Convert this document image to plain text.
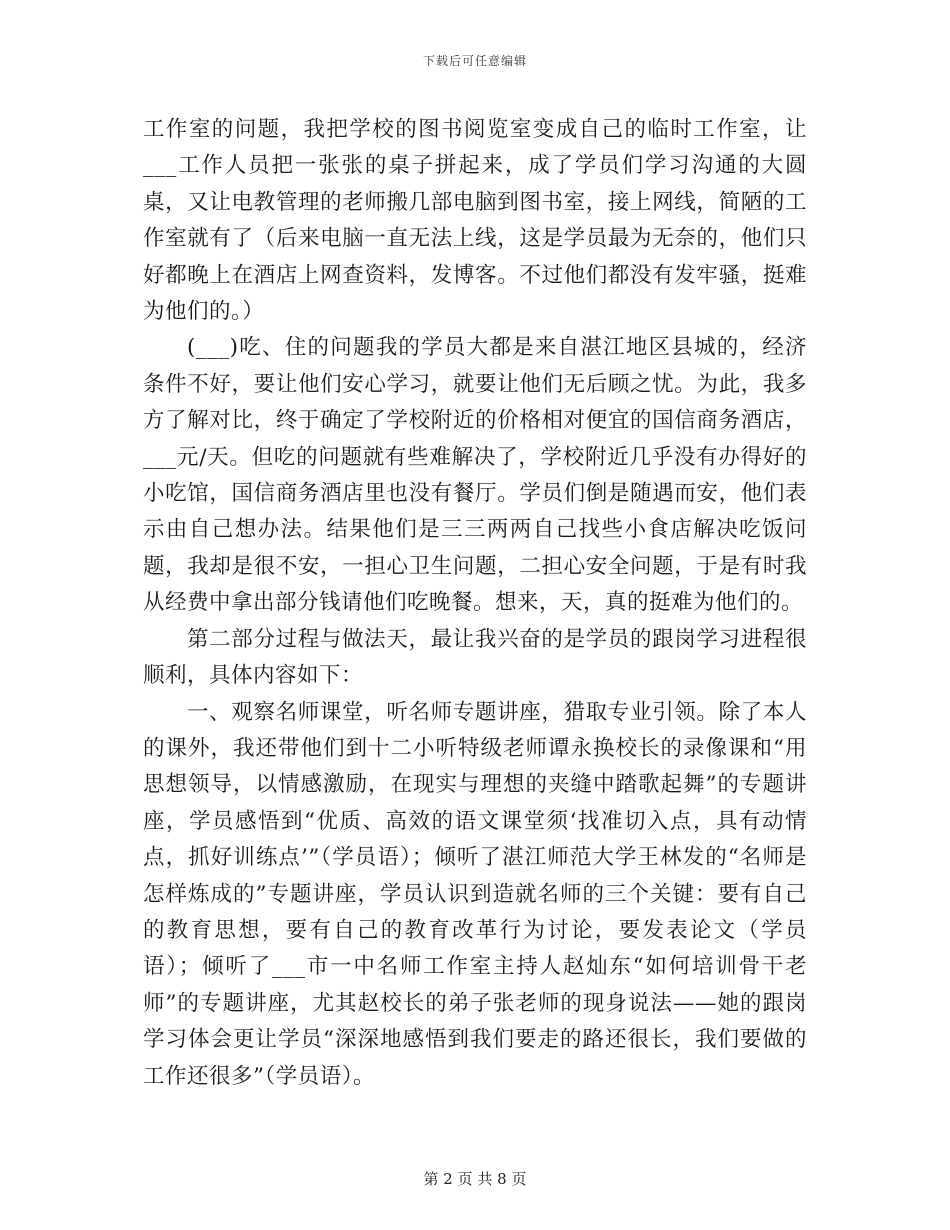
下载后可任意编辑

工作室的问题，我把学校的图书阅览室变成自己的临时工作室，让___工作人员把一张张的桌子拼起来，成了学员们学习沟通的大圆桌，又让电教管理的老师搬几部电脑到图书室，接上网线，简陋的工作室就有了（后来电脑一直无法上线，这是学员最为无奈的，他们只好都晚上在酒店上网查资料，发博客。不过他们都没有发牢骚，挺难为他们的。）

(___)吃、住的问题我的学员大都是来自湛江地区县城的，经济条件不好，要让他们安心学习，就要让他们无后顾之忧。为此，我多方了解对比，终于确定了学校附近的价格相对便宜的国信商务酒店，___元/天。但吃的问题就有些难解决了，学校附近几乎没有办得好的小吃馆，国信商务酒店里也没有餐厅。学员们倒是随遇而安，他们表示由自己想办法。结果他们是三三两两自己找些小食店解决吃饭问题，我却是很不安，一担心卫生问题，二担心安全问题，于是有时我从经费中拿出部分钱请他们吃晚餐。想来，天，真的挺难为他们的。

第二部分过程与做法天，最让我兴奋的是学员的跟岗学习进程很顺利，具体内容如下：

一、观察名师课堂，听名师专题讲座，猎取专业引领。除了本人的课外，我还带他们到十二小听特级老师谭永换校长的录像课和“用思想领导，以情感激励，在现实与理想的夹缝中踏歌起舞”的专题讲座，学员感悟到“优质、高效的语文课堂须‘找准切入点，具有动情点，抓好训练点’”（学员语）；倾听了湛江师范大学王林发的“名师是怎样炼成的”专题讲座，学员认识到造就名师的三个关键：要有自己的教育思想，要有自己的教育改革行为讨论，要发表论文（学员语）；倾听了___市一中名师工作室主持人赵灿东“如何培训骨干老师”的专题讲座，尤其赵校长的弟子张老师的现身说法——她的跟岗学习体会更让学员“深深地感悟到我们要走的路还很长，我们要做的工作还很多”（学员语）。

第 2 页 共 8 页
